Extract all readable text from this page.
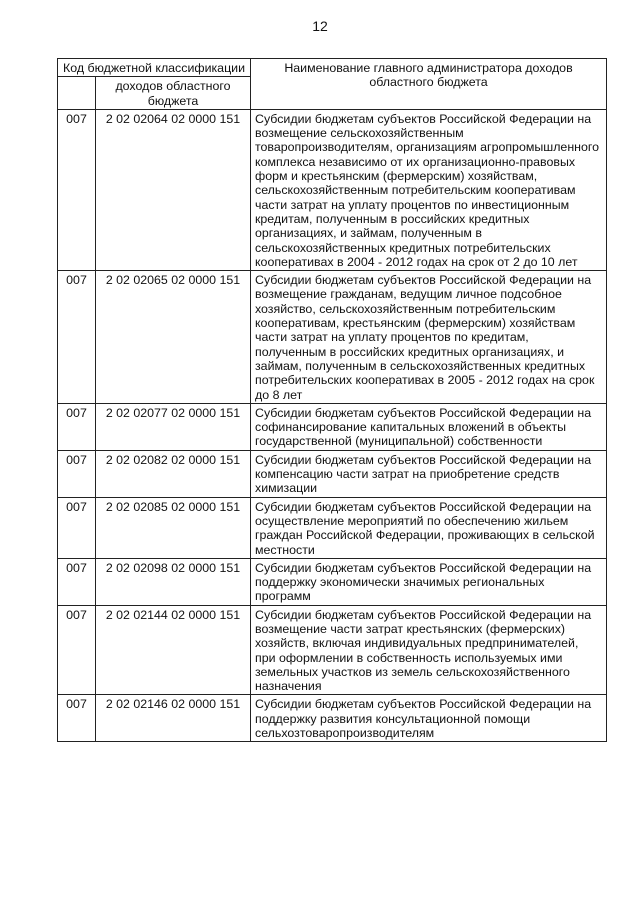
12
Код бюджетной классификации		Наименование главного администратора доходов областного бюджета
	доходов областного бюджета	
007	2 02 02064 02 0000 151	Субсидии бюджетам субъектов Российской Федерации на возмещение сельскохозяйственным товаропроизводителям, организациям агропромышленного комплекса независимо от их организационно-правовых форм и крестьянским (фермерским) хозяйствам, сельскохозяйственным потребительским кооперативам части затрат на уплату процентов по инвестиционным кредитам, полученным в российских кредитных организациях, и займам, полученным в сельскохозяйственных кредитных потребительских кооперативах в 2004 - 2012 годах на срок от 2 до 10 лет
007	2 02 02065 02 0000 151	Субсидии бюджетам субъектов Российской Федерации на возмещение гражданам, ведущим личное подсобное хозяйство, сельскохозяйственным потребительским кооперативам, крестьянским (фермерским) хозяйствам части затрат на уплату процентов по кредитам, полученным в российских кредитных организациях, и займам, полученным в сельскохозяйственных кредитных потребительских кооперативах в 2005 - 2012 годах на срок до 8 лет
007	2 02 02077 02 0000 151	Субсидии бюджетам субъектов Российской Федерации на софинансирование капитальных вложений в объекты государственной (муниципальной) собственности
007	2 02 02082 02 0000 151	Субсидии бюджетам субъектов Российской Федерации на компенсацию части затрат на приобретение средств химизации
007	2 02 02085 02 0000 151	Субсидии бюджетам субъектов Российской Федерации на осуществление мероприятий по обеспечению жильем граждан Российской Федерации, проживающих в сельской местности
007	2 02 02098 02 0000 151	Субсидии бюджетам субъектов Российской Федерации на поддержку экономически значимых региональных программ
007	2 02 02144 02 0000 151	Субсидии бюджетам субъектов Российской Федерации на возмещение части затрат крестьянских (фермерских) хозяйств, включая индивидуальных предпринимателей, при оформлении в собственность используемых ими земельных участков из земель сельскохозяйственного назначения
007	2 02 02146 02 0000 151	Субсидии бюджетам субъектов Российской Федерации на поддержку развития консультационной помощи сельхозтоваропроизводителям
